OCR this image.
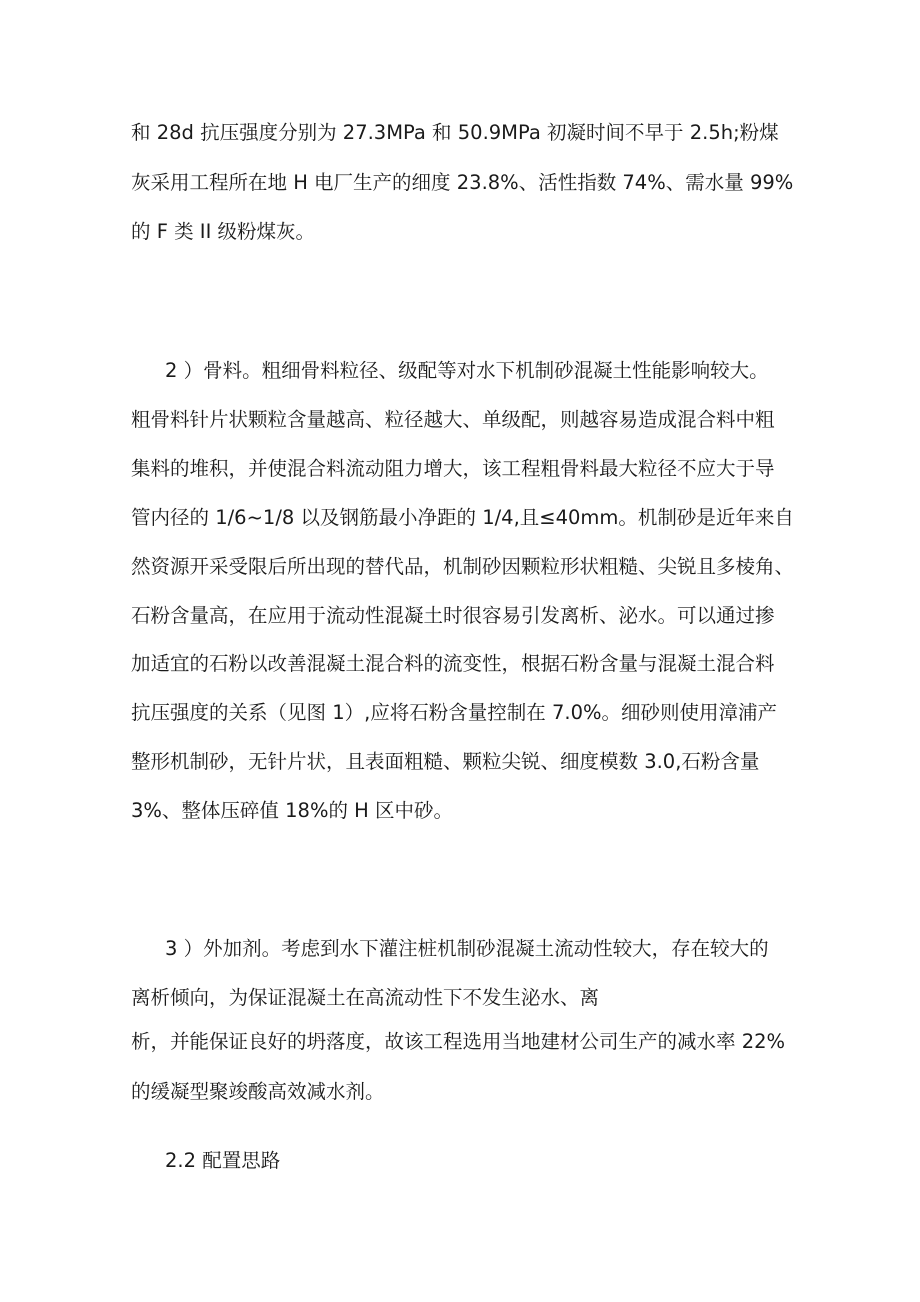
和 28d 抗压强度分别为 27.3MPa 和 50.9MPa 初凝时间不早于 2.5h;粉煤
灰采用工程所在地 H 电厂生产的细度 23.8%、活性指数 74%、需水量 99%
的 F 类 II 级粉煤灰。
2 ）骨料。粗细骨料粒径、级配等对水下机制砂混凝土性能影响较大。
粗骨料针片状颗粒含量越高、粒径越大、单级配，则越容易造成混合料中粗
集料的堆积，并使混合料流动阻力增大，该工程粗骨料最大粒径不应大于导
管内径的 1/6~1/8 以及钢筋最小净距的 1/4,且≤40mm。机制砂是近年来自
然资源开采受限后所出现的替代品，机制砂因颗粒形状粗糙、尖锐且多棱角、
石粉含量高，在应用于流动性混凝土时很容易引发离析、泌水。可以通过掺
加适宜的石粉以改善混凝土混合料的流变性，根据石粉含量与混凝土混合料
抗压强度的关系（见图 1）,应将石粉含量控制在 7.0%。细砂则使用漳浦产
整形机制砂，无针片状，且表面粗糙、颗粒尖锐、细度模数 3.0,石粉含量
3%、整体压碎值 18%的 H 区中砂。
3 ）外加剂。考虑到水下灌注桩机制砂混凝土流动性较大，存在较大的
离析倾向，为保证混凝土在高流动性下不发生泌水、离
析，并能保证良好的坍落度，故该工程选用当地建材公司生产的减水率 22%
的缓凝型聚竣酸高效减水剂。
2.2 配置思路
